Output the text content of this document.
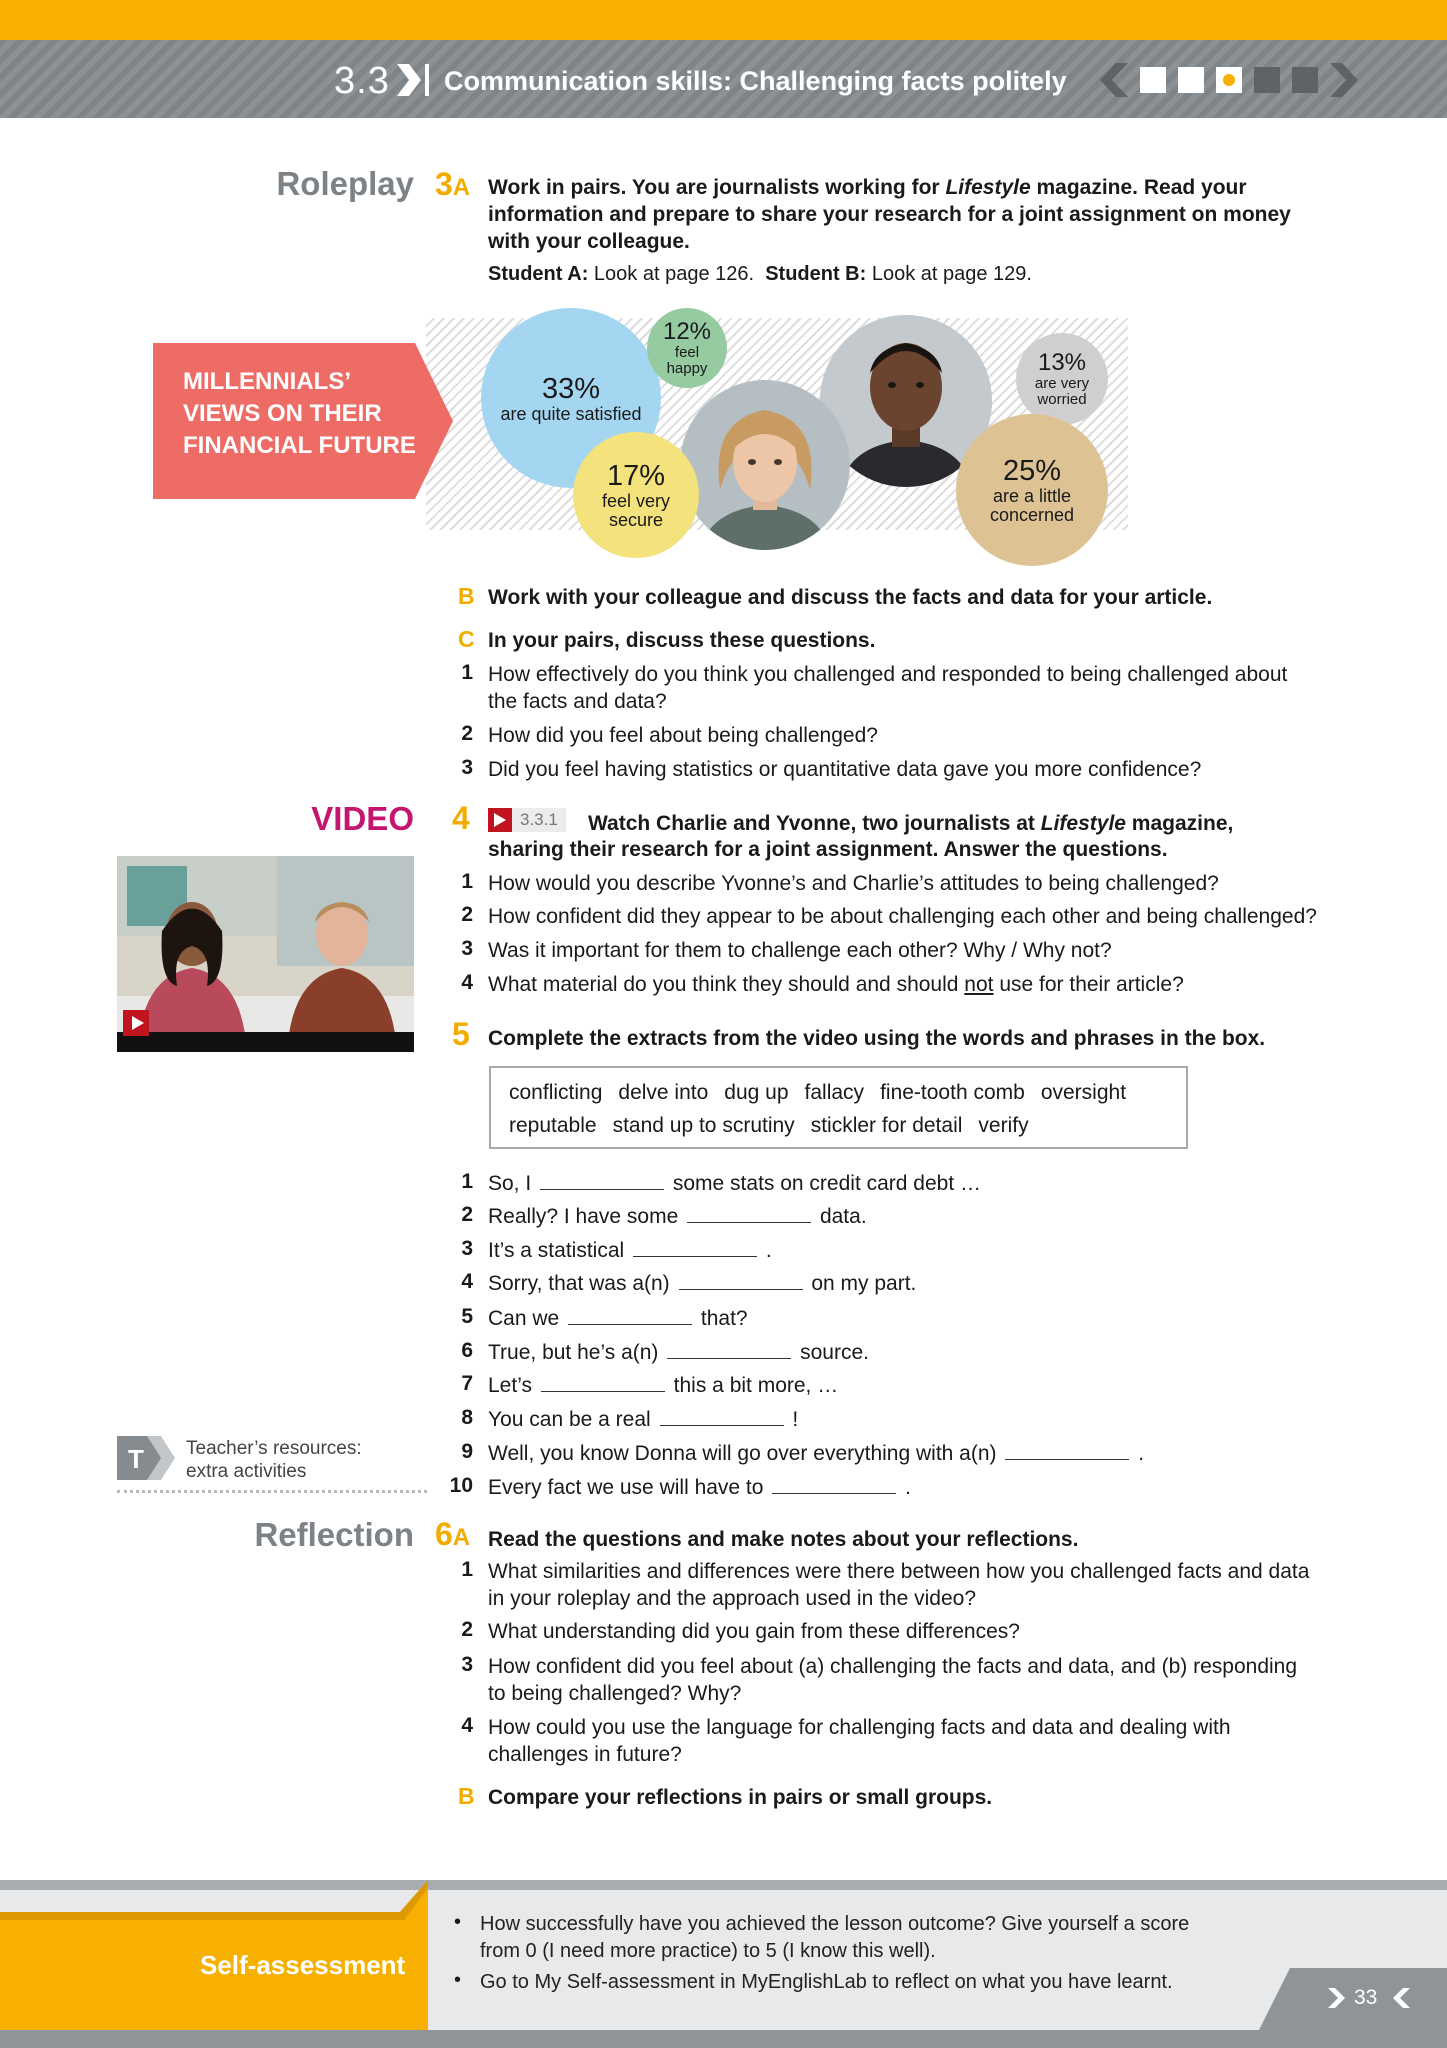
3.3 Communication skills: Challenging facts politely
Roleplay 3A Work in pairs. You are journalists working for Lifestyle magazine. Read your information and prepare to share your research for a joint assignment on money with your colleague.
Student A: Look at page 126. Student B: Look at page 129.
MILLENNIALS’
VIEWS ON THEIR
FINANCIAL FUTURE
33%
are quite satisfied
12%
feel
happy
17%
feel very
secure
13%
are very
worried
25%
are a little
concerned
B Work with your colleague and discuss the facts and data for your article.
C In your pairs, discuss these questions.
1 How effectively do you think you challenged and responded to being challenged about
the facts and data?
2 How did you feel about being challenged?
3 Did you feel having statistics or quantitative data gave you more confidence?
VIDEO 4	3.3.1	Watch Charlie and Yvonne, two journalists at Lifestyle magazine,
sharing their research for a joint assignment. Answer the questions.
1 How would you describe Yvonne’s and Charlie’s attitudes to being challenged?
2 How confident did they appear to be about challenging each other and being challenged?
3 Was it important for them to challenge each other? Why / Why not?
4 What material do you think they should and should not use for their article?
5 Complete the extracts from the video using the words and phrases in the box.
conflicting delve into dug up fallacy fine-tooth comb oversight
reputable stand up to scrutiny stickler for detail verify
1 So, I	some stats on credit card debt …
2 Really? I have some	data.
3 It’s a statistical	.
4 Sorry, that was a(n)	on my part.
5 Can we	that?
6 True, but he’s a(n)	source.
7 Let’s	this a bit more, …
8 You can be a real	!
9 Well, you know Donna will go over everything with a(n)	.
10 Every fact we use will have to	.
T Teacher’s resources:
extra activities
Reflection 6A Read the questions and make notes about your reflections.
1 What similarities and differences were there between how you challenged facts and data
in your roleplay and the approach used in the video?
2 What understanding did you gain from these differences?
3 How confident did you feel about (a) challenging the facts and data, and (b) responding
to being challenged? Why?
4 How could you use the language for challenging facts and data and dealing with
challenges in future?
B Compare your reflections in pairs or small groups.
Self-assessment
•
•
How successfully have you achieved the lesson outcome? Give yourself a score
from 0 (I need more practice) to 5 (I know this well).
Go to My Self-assessment in MyEnglishLab to reflect on what you have learnt.
33
